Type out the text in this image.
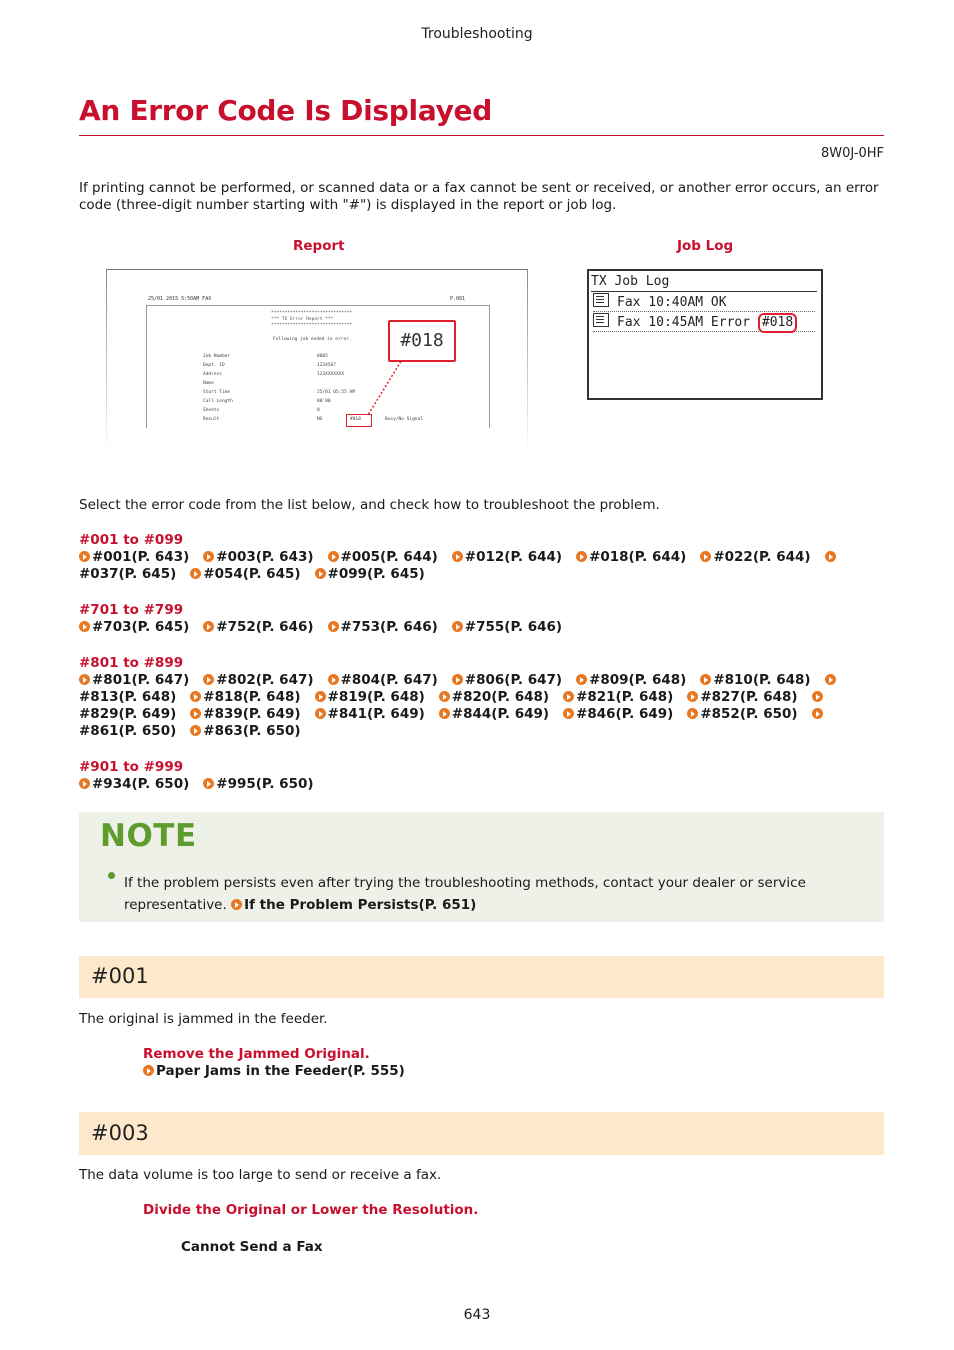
Troubleshooting
An Error Code Is Displayed
8W0J-0HF
If printing cannot be performed, or scanned data or a fax cannot be sent or received, or another error occurs, an error code (three-digit number starting with "#") is displayed in the report or job log.
Report	Job Log
25/01 2015 5:50AM FAX	P.001
******************************
*** TX Error Report ***
******************************
Following job ended in error.
Job Number	0005
Dept. ID	1234567
Address	123XXXXXXX
Name
Start Time	25/01 05:55 AM
Call Length	00'00
Sheets	0
Result	NG	#018	Busy/No Signal
#018
TX Job Log
Fax 10:40AM OK
Fax 10:45AM Error #018
Select the error code from the list below, and check how to troubleshoot the problem.
#001 to #099
#001(P. 643) #003(P. 643) #005(P. 644) #012(P. 644) #018(P. 644) #022(P. 644)
#037(P. 645) #054(P. 645) #099(P. 645)
#701 to #799
#703(P. 645) #752(P. 646) #753(P. 646) #755(P. 646)
#801 to #899
#801(P. 647) #802(P. 647) #804(P. 647) #806(P. 647) #809(P. 648) #810(P. 648)
#813(P. 648) #818(P. 648) #819(P. 648) #820(P. 648) #821(P. 648) #827(P. 648)
#829(P. 649) #839(P. 649) #841(P. 649) #844(P. 649) #846(P. 649) #852(P. 650)
#861(P. 650) #863(P. 650)
#901 to #999
#934(P. 650) #995(P. 650)
NOTE
If the problem persists even after trying the troubleshooting methods, contact your dealer or service representative. If the Problem Persists(P. 651)
#001
The original is jammed in the feeder.
Remove the Jammed Original.
Paper Jams in the Feeder(P. 555)
#003
The data volume is too large to send or receive a fax.
Divide the Original or Lower the Resolution.
Cannot Send a Fax
643
